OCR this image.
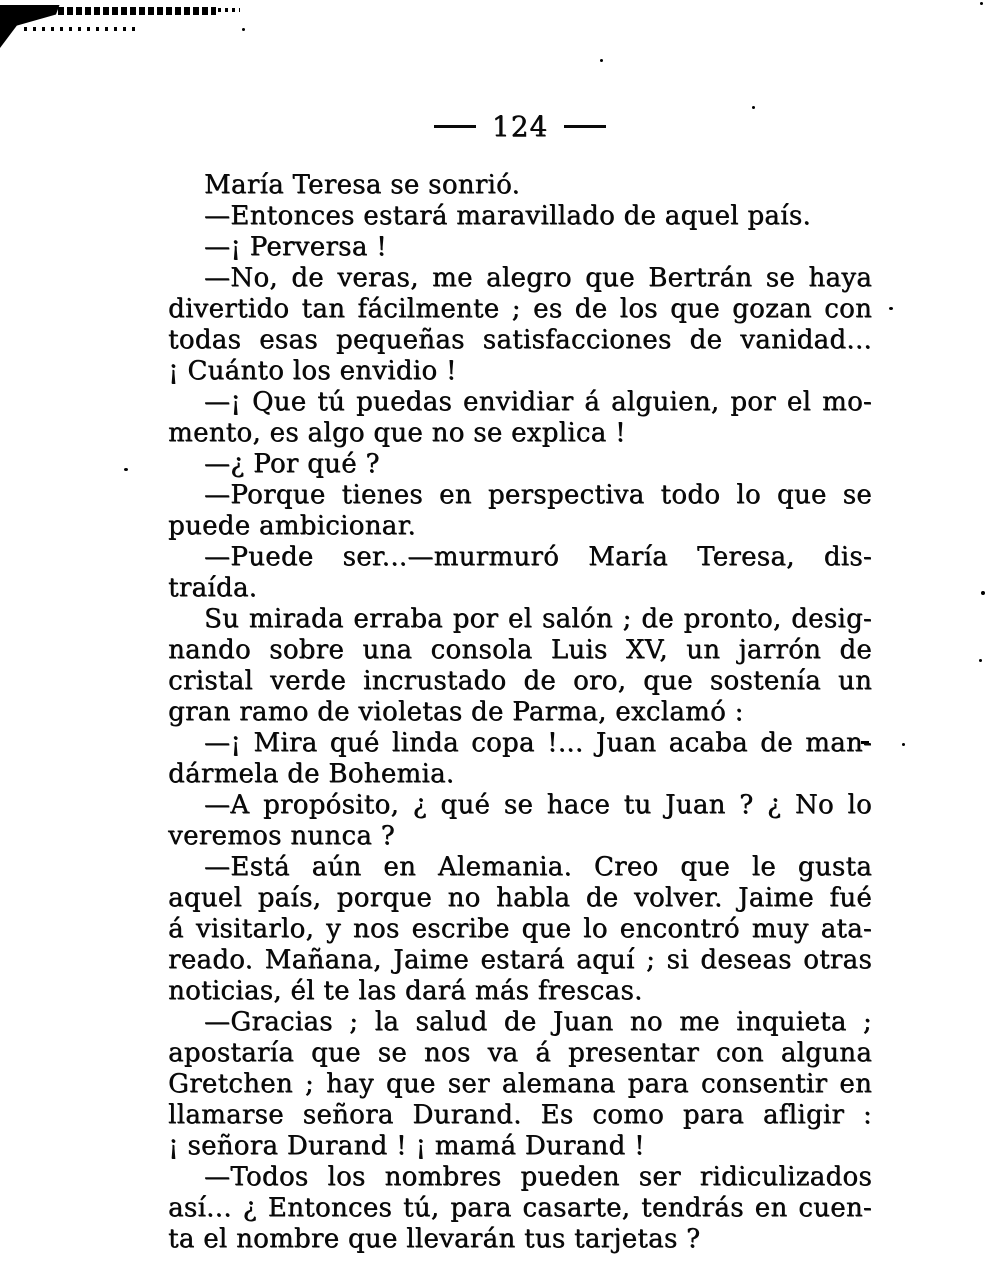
124
María Teresa se sonrió.
—Entonces estará maravillado de aquel país.
—¡ Perversa !
—No, de veras, me alegro que Bertrán se haya
divertido tan fácilmente ; es de los que gozan con
todas esas pequeñas satisfacciones de vanidad...
¡ Cuánto los envidio !
—¡ Que tú puedas envidiar á alguien, por el mo-
mento, es algo que no se explica !
—¿ Por qué ?
—Porque tienes en perspectiva todo lo que se
puede ambicionar.
—Puede ser...—murmuró María Teresa, dis-
traída.
Su mirada erraba por el salón ; de pronto, desig-
nando sobre una consola Luis XV, un jarrón de
cristal verde incrustado de oro, que sostenía un
gran ramo de violetas de Parma, exclamó :
—¡ Mira qué linda copa !... Juan acaba de man-
dármela de Bohemia.
—A propósito, ¿ qué se hace tu Juan ? ¿ No lo
veremos nunca ?
—Está aún en Alemania. Creo que le gusta
aquel país, porque no habla de volver. Jaime fué
á visitarlo, y nos escribe que lo encontró muy ata-
reado. Mañana, Jaime estará aquí ; si deseas otras
noticias, él te las dará más frescas.
—Gracias ; la salud de Juan no me inquieta ;
apostaría que se nos va á presentar con alguna
Gretchen ; hay que ser alemana para consentir en
llamarse señora Durand. Es como para afligir :
¡ señora Durand ! ¡ mamá Durand !
—Todos los nombres pueden ser ridiculizados
así... ¿ Entonces tú, para casarte, tendrás en cuen-
ta el nombre que llevarán tus tarjetas ?
